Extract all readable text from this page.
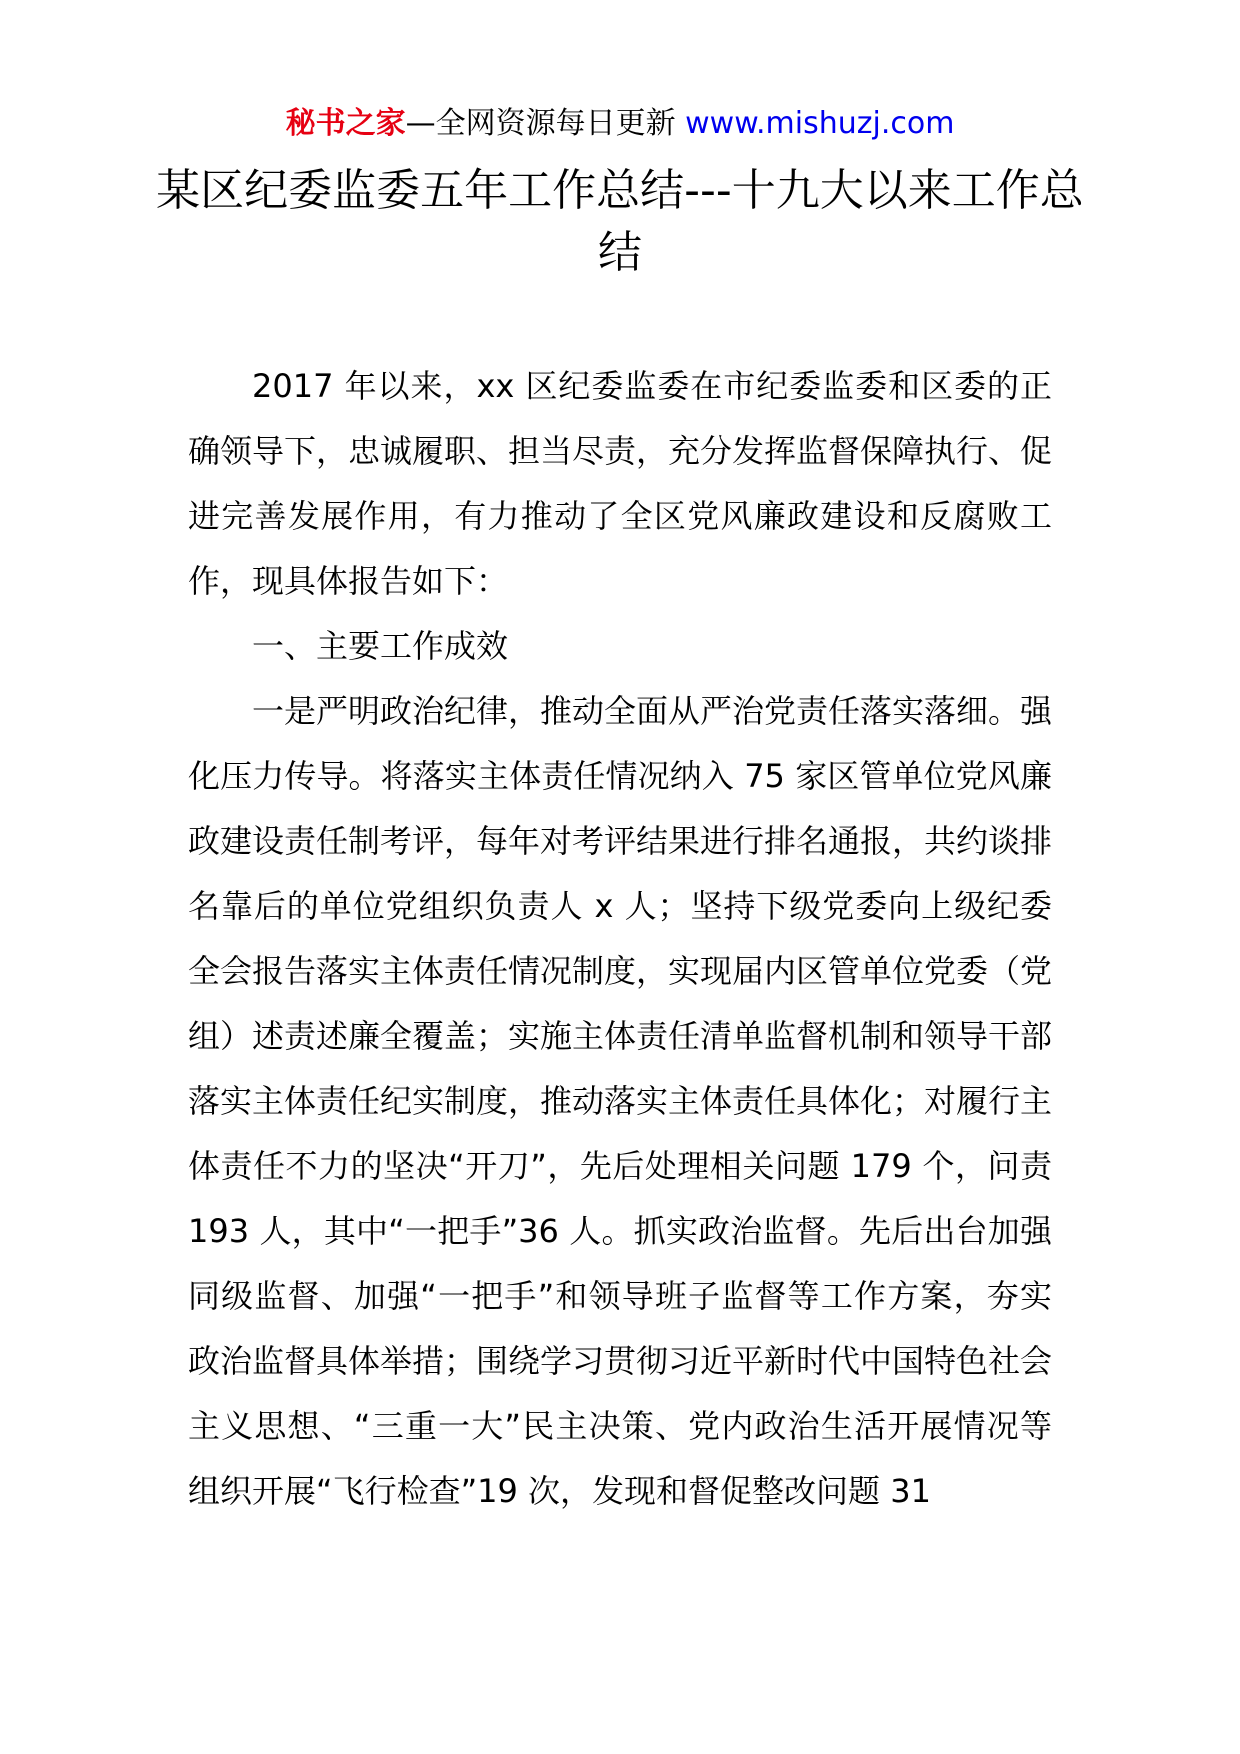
秘书之家—全网资源每日更新 www.mishuzj.com
某区纪委监委五年工作总结---十九大以来工作总结

2017 年以来，xx 区纪委监委在市纪委监委和区委的正确领导下，忠诚履职、担当尽责，充分发挥监督保障执行、促进完善发展作用，有力推动了全区党风廉政建设和反腐败工作，现具体报告如下：

一、主要工作成效

一是严明政治纪律，推动全面从严治党责任落实落细。强化压力传导。将落实主体责任情况纳入 75 家区管单位党风廉政建设责任制考评，每年对考评结果进行排名通报，共约谈排名靠后的单位党组织负责人 x 人；坚持下级党委向上级纪委全会报告落实主体责任情况制度，实现届内区管单位党委（党组）述责述廉全覆盖；实施主体责任清单监督机制和领导干部落实主体责任纪实制度，推动落实主体责任具体化；对履行主体责任不力的坚决“开刀”，先后处理相关问题 179 个，问责 193 人，其中“一把手”36 人。抓实政治监督。先后出台加强同级监督、加强“一把手”和领导班子监督等工作方案，夯实政治监督具体举措；围绕学习贯彻习近平新时代中国特色社会主义思想、“三重一大”民主决策、党内政治生活开展情况等组织开展“飞行检查”19 次，发现和督促整改问题 31
